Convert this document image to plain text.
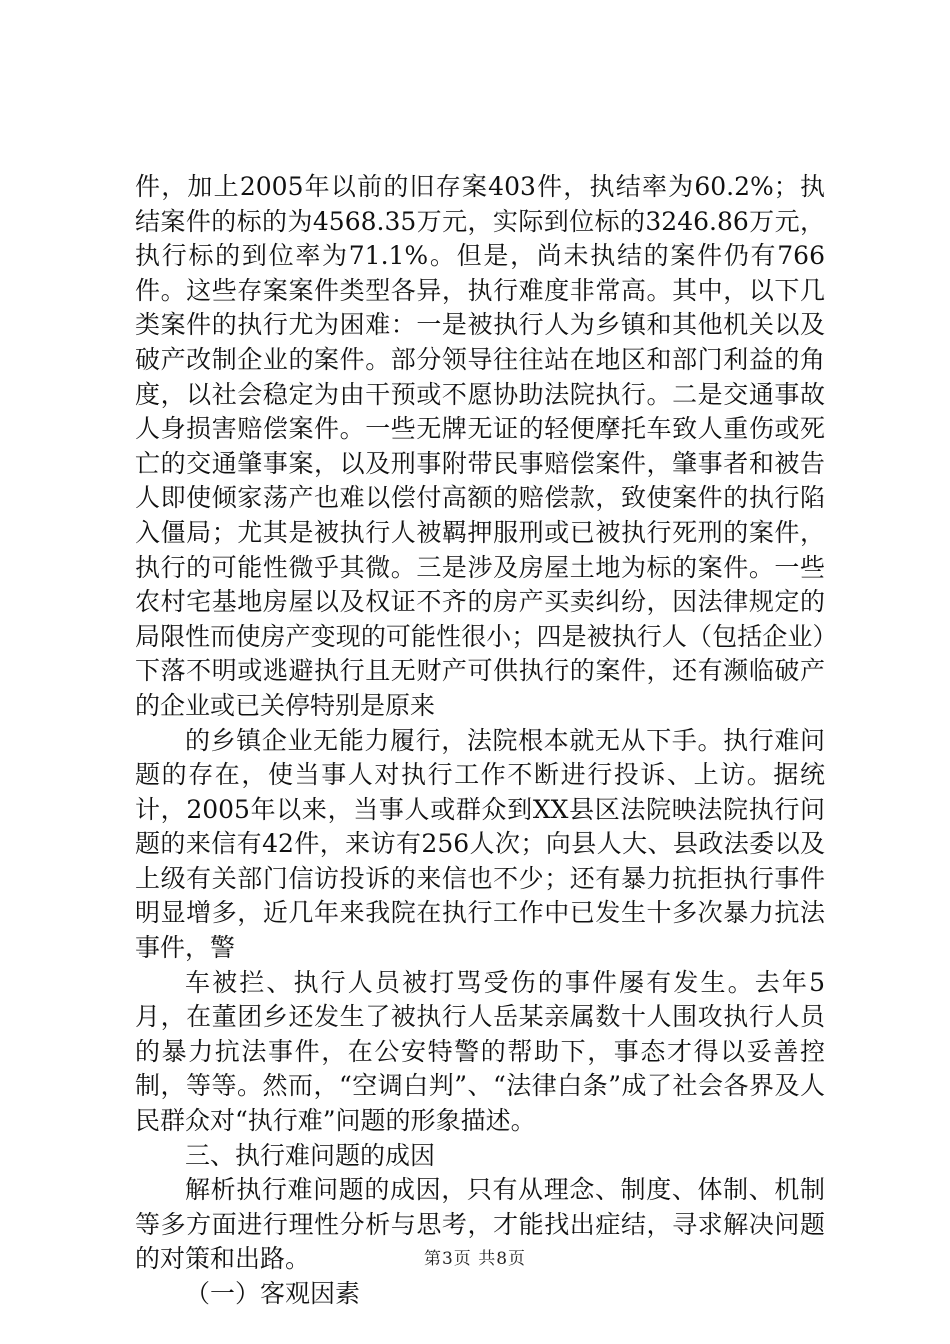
件，加上2005年以前的旧存案403件，执结率为60.2%；执结案件的标的为4568.35万元，实际到位标的3246.86万元，执行标的到位率为71.1%。但是，尚未执结的案件仍有766件。这些存案案件类型各异，执行难度非常高。其中，以下几类案件的执行尤为困难：一是被执行人为乡镇和其他机关以及破产改制企业的案件。部分领导往往站在地区和部门利益的角度，以社会稳定为由干预或不愿协助法院执行。二是交通事故人身损害赔偿案件。一些无牌无证的轻便摩托车致人重伤或死亡的交通肇事案，以及刑事附带民事赔偿案件，肇事者和被告人即使倾家荡产也难以偿付高额的赔偿款，致使案件的执行陷入僵局；尤其是被执行人被羁押服刑或已被执行死刑的案件，执行的可能性微乎其微。三是涉及房屋土地为标的案件。一些农村宅基地房屋以及权证不齐的房产买卖纠纷，因法律规定的局限性而使房产变现的可能性很小；四是被执行人（包括企业）下落不明或逃避执行且无财产可供执行的案件，还有濒临破产的企业或已关停特别是原来

的乡镇企业无能力履行，法院根本就无从下手。执行难问题的存在，使当事人对执行工作不断进行投诉、上访。据统计，2005年以来，当事人或群众到XX县区法院映法院执行问题的来信有42件，来访有256人次；向县人大、县政法委以及上级有关部门信访投诉的来信也不少；还有暴力抗拒执行事件明显增多，近几年来我院在执行工作中已发生十多次暴力抗法事件，警

车被拦、执行人员被打骂受伤的事件屡有发生。去年5月，在董团乡还发生了被执行人岳某亲属数十人围攻执行人员的暴力抗法事件，在公安特警的帮助下，事态才得以妥善控制，等等。然而，“空调白判”、“法律白条”成了社会各界及人民群众对“执行难”问题的形象描述。

三、执行难问题的成因

解析执行难问题的成因，只有从理念、制度、体制、机制等多方面进行理性分析与思考，才能找出症结，寻求解决问题的对策和出路。

（一）客观因素

第3页 共8页
